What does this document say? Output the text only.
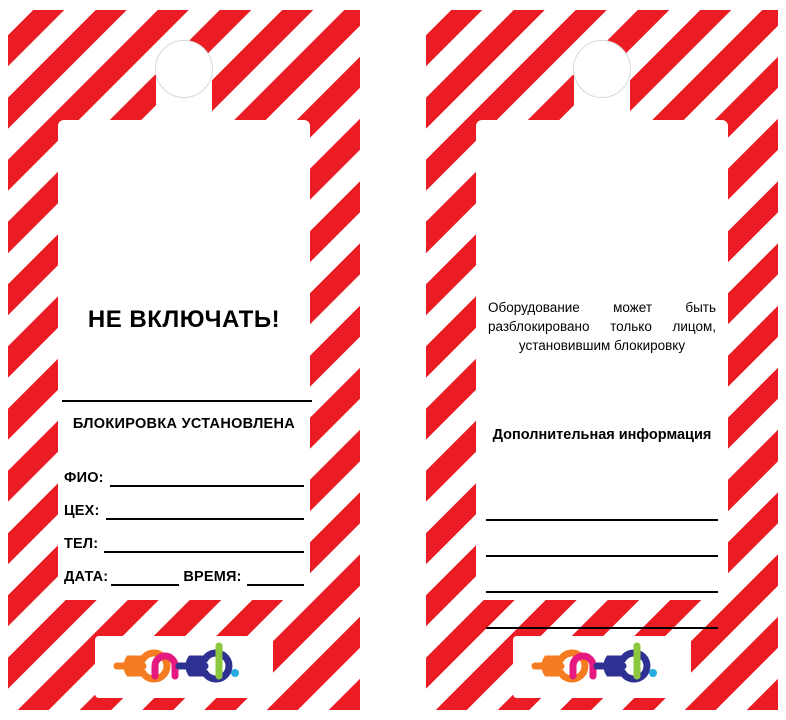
НЕ ВКЛЮЧАТЬ!
БЛОКИРОВКА УСТАНОВЛЕНА
ФИО:
ЦЕХ:
ТЕЛ:
ДАТА:	ВРЕМЯ:
Оборудование может быть разблокировано только лицом, установившим блокировку
Дополнительная информация
